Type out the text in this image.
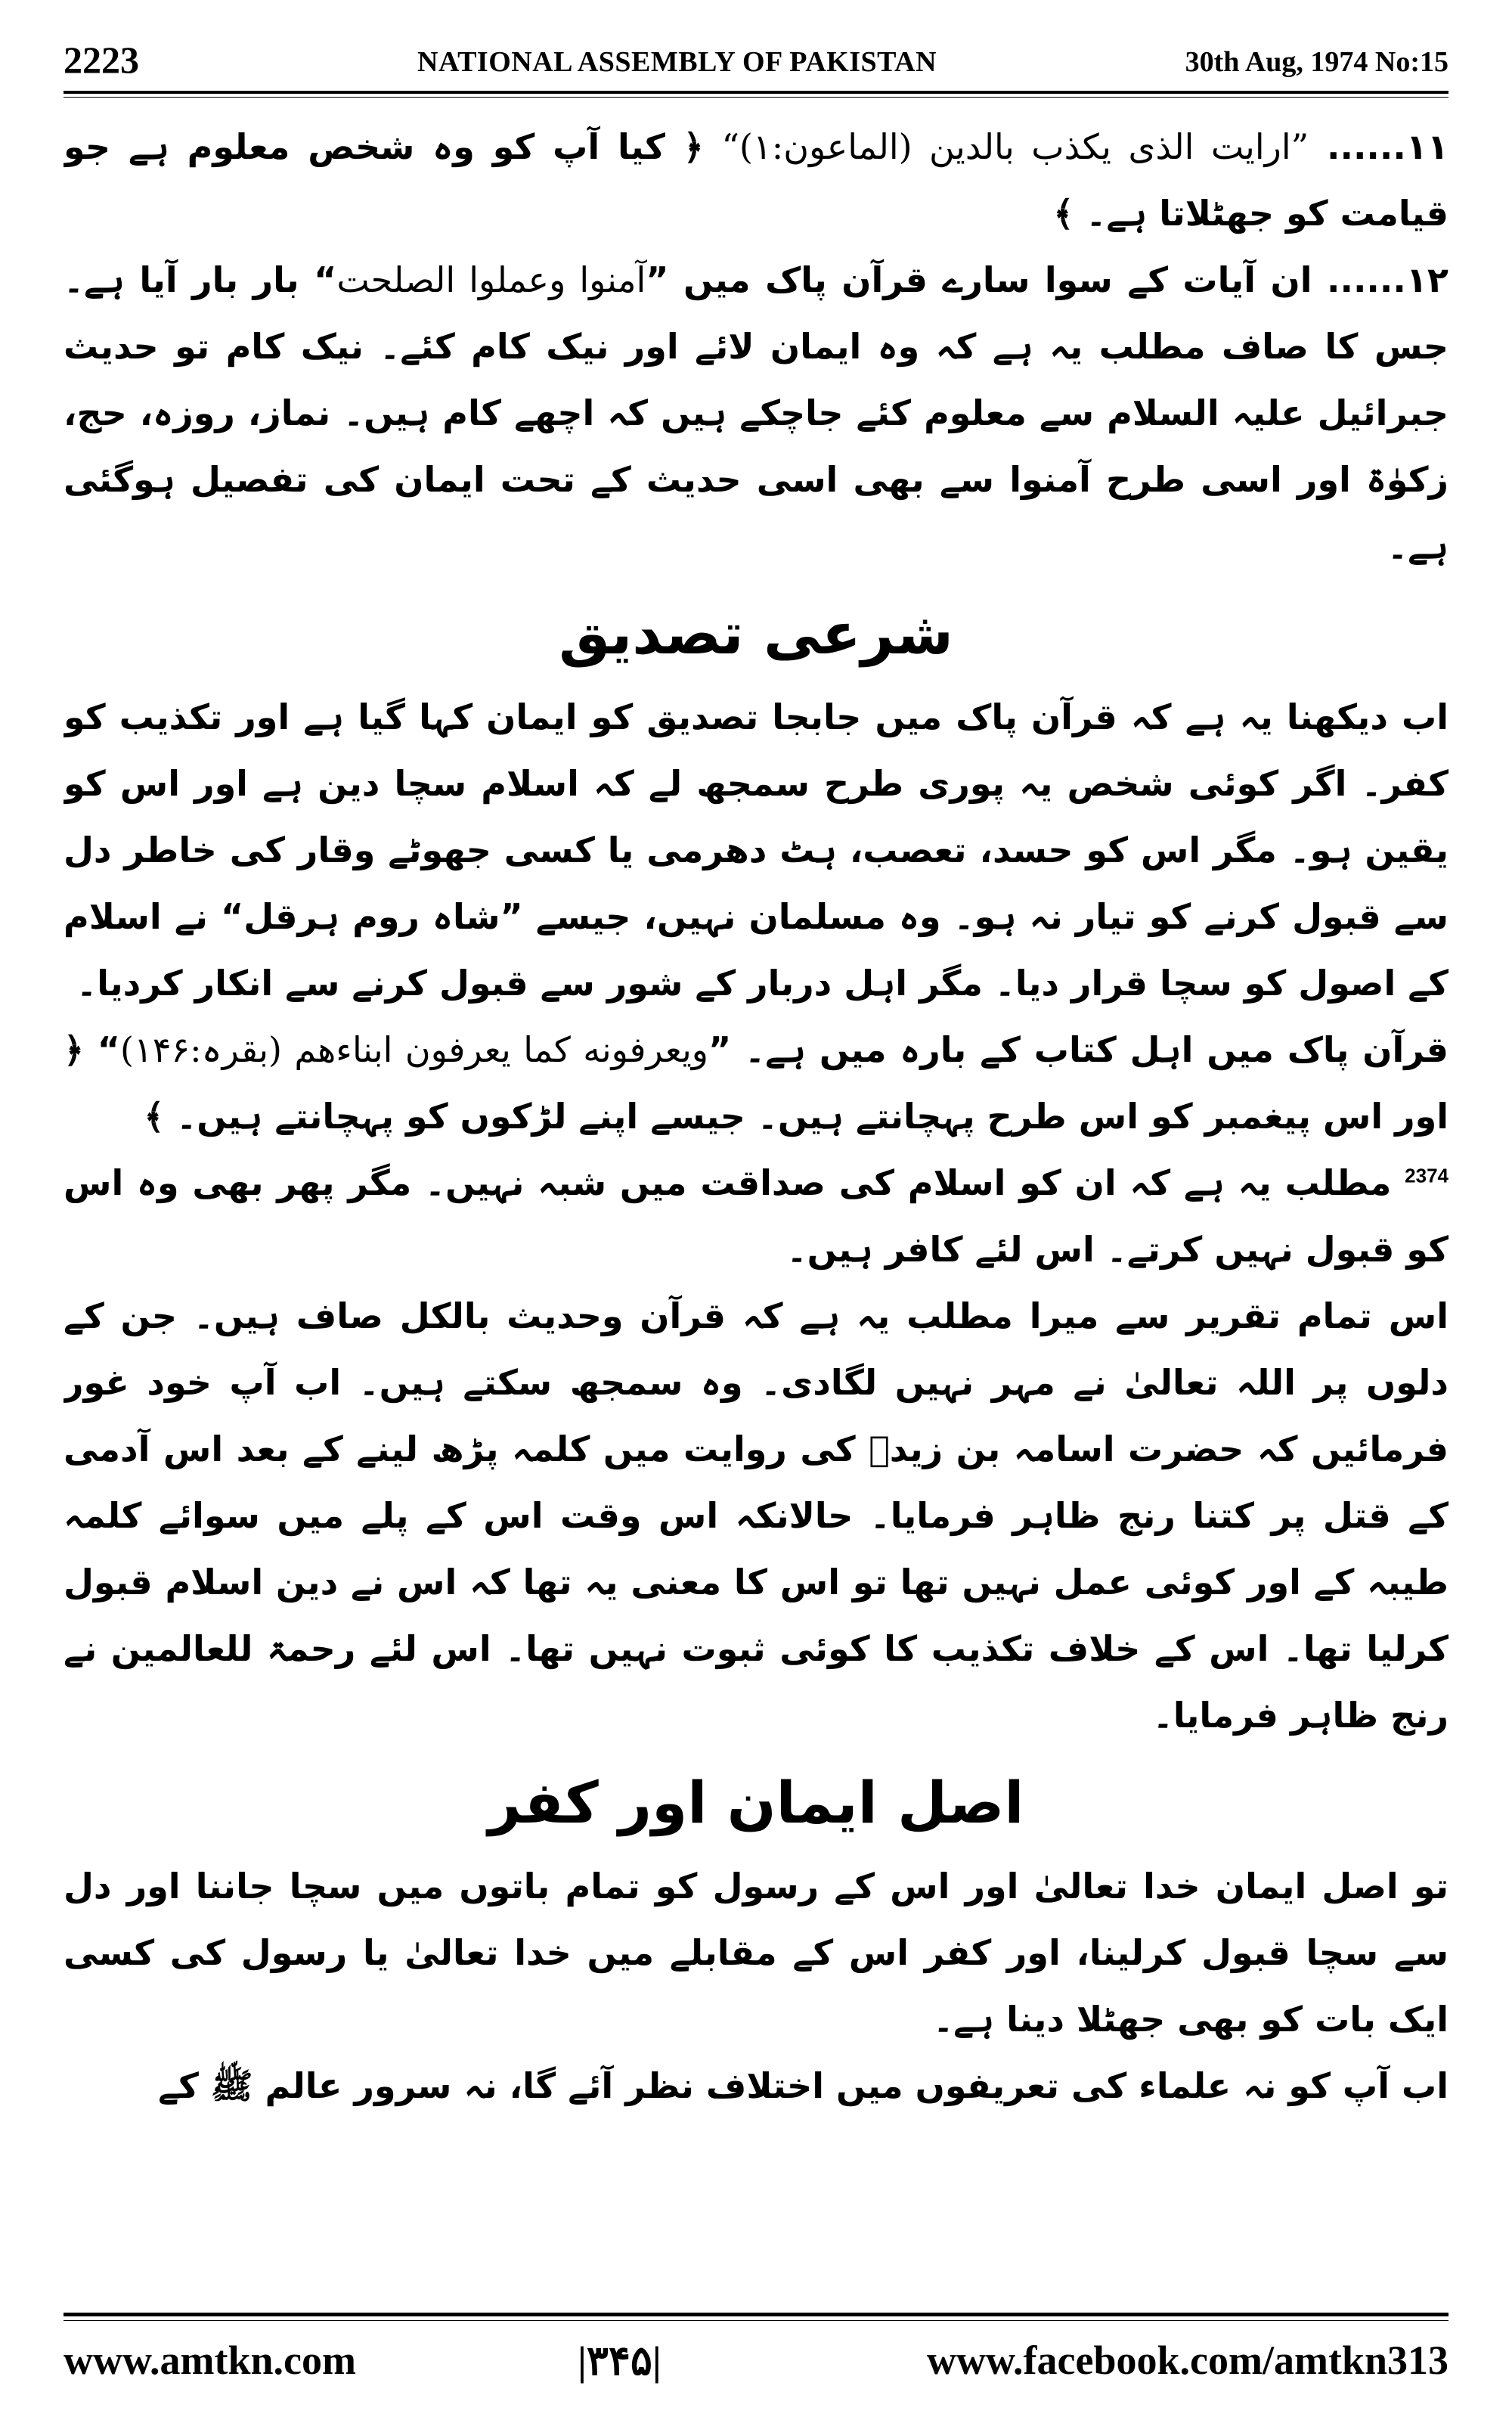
2223	NATIONAL ASSEMBLY OF PAKISTAN	30th Aug, 1974 No:15

۱۱...... ”ارایت الذی یکذب بالدین (الماعون:۱)“ ﴿ کیا آپ کو وہ شخص معلوم ہے جو قیامت کو جھٹلاتا ہے۔ ﴾

۱۲...... ان آیات کے سوا سارے قرآن پاک میں ”آمنوا وعملوا الصلحت“ بار بار آیا ہے۔ جس کا صاف مطلب یہ ہے کہ وہ ایمان لائے اور نیک کام کئے۔ نیک کام تو حدیث جبرائیل علیہ السلام سے معلوم کئے جاچکے ہیں کہ اچھے کام ہیں۔ نماز، روزہ، حج، زکوٰۃ اور اسی طرح آمنوا سے بھی اسی حدیث کے تحت ایمان کی تفصیل ہوگئی ہے۔

شرعی تصدیق

اب دیکھنا یہ ہے کہ قرآن پاک میں جابجا تصدیق کو ایمان کہا گیا ہے اور تکذیب کو کفر۔ اگر کوئی شخص یہ پوری طرح سمجھ لے کہ اسلام سچا دین ہے اور اس کو یقین ہو۔ مگر اس کو حسد، تعصب، ہٹ دھرمی یا کسی جھوٹے وقار کی خاطر دل سے قبول کرنے کو تیار نہ ہو۔ وہ مسلمان نہیں، جیسے ”شاہ روم ہرقل“ نے اسلام کے اصول کو سچا قرار دیا۔ مگر اہل دربار کے شور سے قبول کرنے سے انکار کردیا۔

قرآن پاک میں اہل کتاب کے بارہ میں ہے۔ ”ویعرفونه کما یعرفون ابناءھم (بقرہ:۱۴۶)“ ﴿ اور اس پیغمبر کو اس طرح پہچانتے ہیں۔ جیسے اپنے لڑکوں کو پہچانتے ہیں۔ ﴾

$^{2374}$ مطلب یہ ہے کہ ان کو اسلام کی صداقت میں شبہ نہیں۔ مگر پھر بھی وہ اس کو قبول نہیں کرتے۔ اس لئے کافر ہیں۔

اس تمام تقریر سے میرا مطلب یہ ہے کہ قرآن وحدیث بالکل صاف ہیں۔ جن کے دلوں پر اللہ تعالیٰ نے مہر نہیں لگادی۔ وہ سمجھ سکتے ہیں۔ اب آپ خود غور فرمائیں کہ حضرت اسامہ بن زیدؓ کی روایت میں کلمہ پڑھ لینے کے بعد اس آدمی کے قتل پر کتنا رنج ظاہر فرمایا۔ حالانکہ اس وقت اس کے پلے میں سوائے کلمہ طیبہ کے اور کوئی عمل نہیں تھا تو اس کا معنی یہ تھا کہ اس نے دین اسلام قبول کرلیا تھا۔ اس کے خلاف تکذیب کا کوئی ثبوت نہیں تھا۔ اس لئے رحمۃ للعالمین نے رنج ظاہر فرمایا۔

اصل ایمان اور کفر

تو اصل ایمان خدا تعالیٰ اور اس کے رسول کو تمام باتوں میں سچا جاننا اور دل سے سچا قبول کرلینا، اور کفر اس کے مقابلے میں خدا تعالیٰ یا رسول کی کسی ایک بات کو بھی جھٹلا دینا ہے۔

اب آپ کو نہ علماء کی تعریفوں میں اختلاف نظر آئے گا، نہ سرور عالم ﷺ کے

www.amtkn.com	|۳۴۵|	www.facebook.com/amtkn313
